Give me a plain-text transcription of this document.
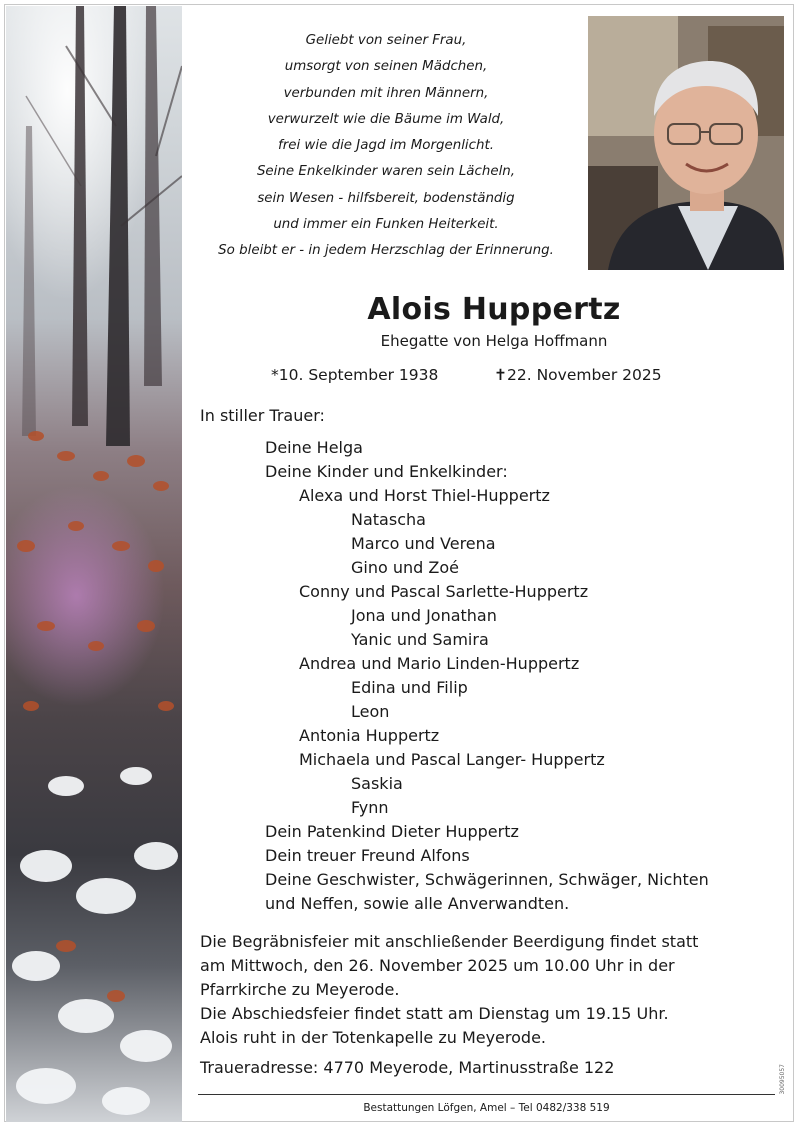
Geliebt von seiner Frau,
umsorgt von seinen Mädchen,
verbunden mit ihren Männern,
verwurzelt wie die Bäume im Wald,
frei wie die Jagd im Morgenlicht.
Seine Enkelkinder waren sein Lächeln,
sein Wesen - hilfsbereit, bodenständig
und immer ein Funken Heiterkeit.
So bleibt er - in jedem Herzschlag der Erinnerung.
Alois Huppertz
Ehegatte von Helga Hoffmann
*10. September 1938	✝22. November 2025
In stiller Trauer:
Deine Helga
Deine Kinder und Enkelkinder:
Alexa und Horst Thiel-Huppertz
Natascha
Marco und Verena
Gino und Zoé
Conny und Pascal Sarlette-Huppertz
Jona und Jonathan
Yanic und Samira
Andrea und Mario Linden-Huppertz
Edina und Filip
Leon
Antonia Huppertz
Michaela und Pascal Langer- Huppertz
Saskia
Fynn
Dein Patenkind Dieter Huppertz
Dein treuer Freund Alfons
Deine Geschwister, Schwägerinnen, Schwäger, Nichten
und Neffen, sowie alle Anverwandten.
Die Begräbnisfeier mit anschließender Beerdigung findet statt
am Mittwoch, den 26. November 2025 um 10.00 Uhr in der
Pfarrkirche zu Meyerode.
Die Abschiedsfeier findet statt am Dienstag um 19.15 Uhr.
Alois ruht in der Totenkapelle zu Meyerode.
Traueradresse: 4770 Meyerode, Martinusstraße 122
Bestattungen Löfgen, Amel – Tel 0482/338 519
30095057
